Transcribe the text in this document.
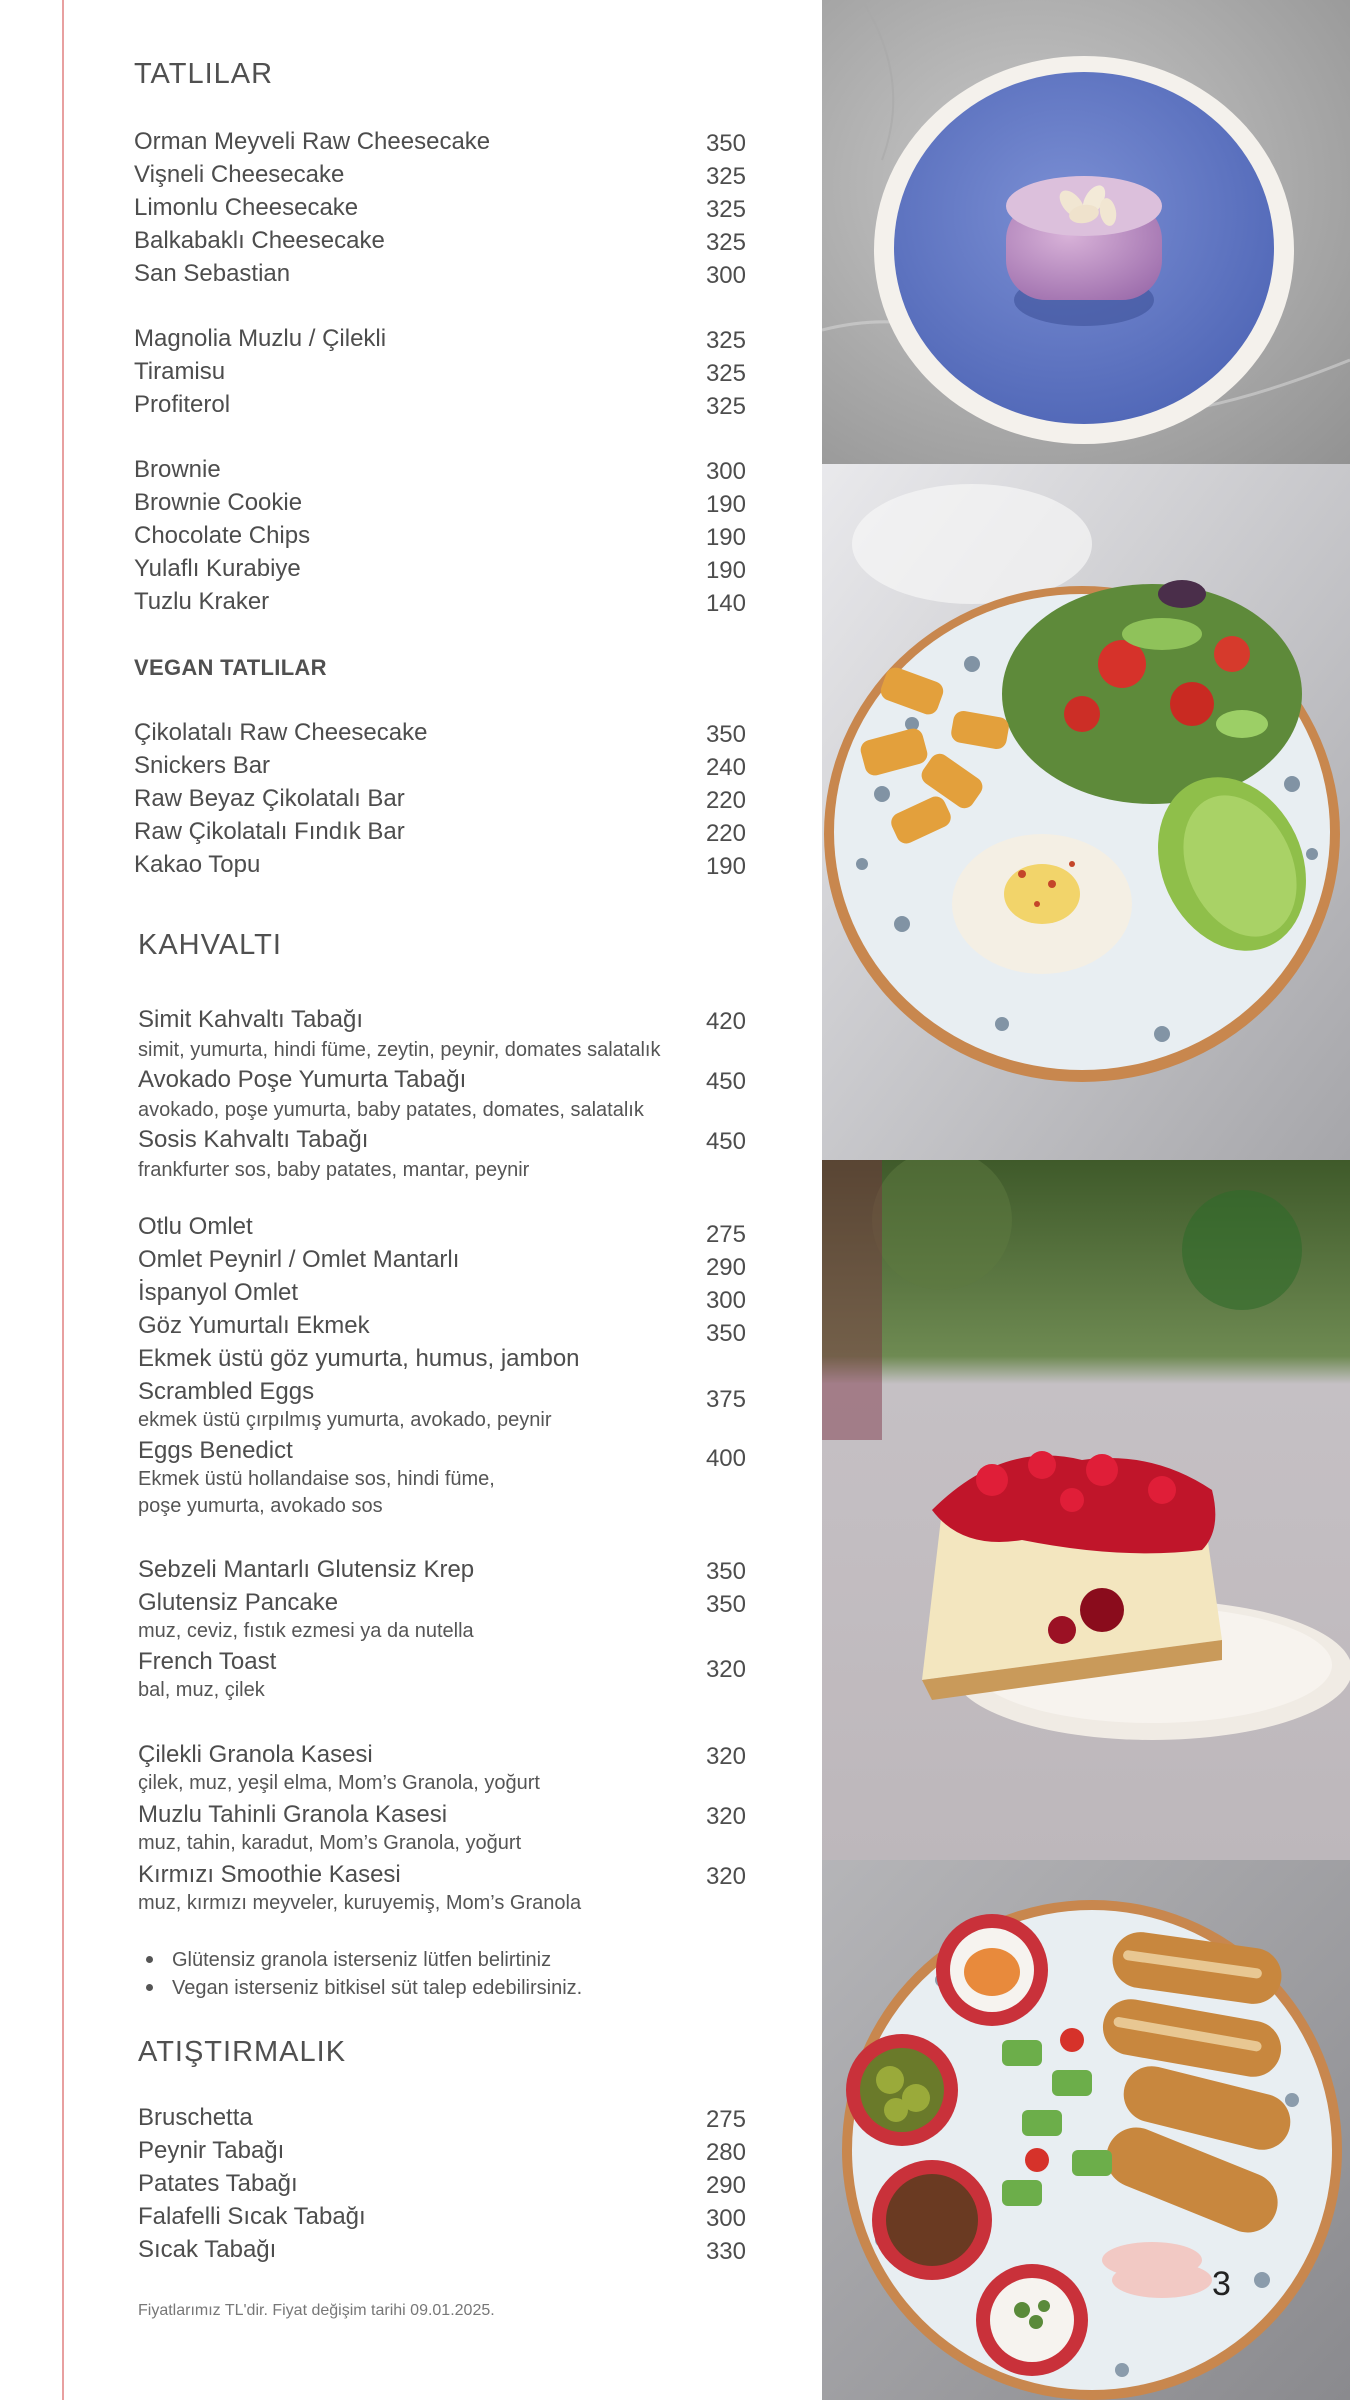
TATLILAR
Orman Meyveli Raw Cheesecake	350
Vişneli Cheesecake	325
Limonlu Cheesecake	325
Balkabaklı Cheesecake	325
San Sebastian	300
Magnolia Muzlu / Çilekli	325
Tiramisu	325
Profiterol	325
Brownie	300
Brownie Cookie	190
Chocolate Chips	190
Yulaflı Kurabiye	190
Tuzlu Kraker	140
VEGAN TATLILAR
Çikolatalı Raw Cheesecake	350
Snickers Bar	240
Raw Beyaz Çikolatalı Bar	220
Raw Çikolatalı Fındık Bar	220
Kakao Topu	190
KAHVALTI
Simit Kahvaltı Tabağı	420
simit, yumurta, hindi füme, zeytin, peynir, domates salatalık
Avokado Poşe Yumurta Tabağı	450
avokado, poşe yumurta, baby patates, domates, salatalık
Sosis Kahvaltı Tabağı	450
frankfurter sos, baby patates, mantar, peynir
Otlu Omlet	275
Omlet Peynirl / Omlet Mantarlı	290
İspanyol Omlet	300
Göz Yumurtalı Ekmek	350
Ekmek üstü göz yumurta, humus, jambon
Scrambled Eggs	375
ekmek üstü çırpılmış yumurta, avokado, peynir
Eggs Benedict	400
Ekmek üstü hollandaise sos, hindi füme,
poşe yumurta, avokado sos
Sebzeli Mantarlı Glutensiz Krep	350
Glutensiz Pancake	350
muz, ceviz, fıstık ezmesi ya da nutella
French Toast	320
bal, muz, çilek
Çilekli Granola Kasesi	320
çilek, muz, yeşil elma, Mom’s Granola, yoğurt
Muzlu Tahinli Granola Kasesi	320
muz, tahin, karadut, Mom’s Granola, yoğurt
Kırmızı Smoothie Kasesi	320
muz, kırmızı meyveler, kuruyemiş, Mom’s Granola
Glütensiz granola isterseniz lütfen belirtiniz
Vegan isterseniz bitkisel süt talep edebilirsiniz.
ATIŞTIRMALIK
Bruschetta	275
Peynir Tabağı	280
Patates Tabağı	290
Falafelli Sıcak Tabağı	300
Sıcak Tabağı	330
Fiyatlarımız TL'dir. Fiyat değişim tarihi 09.01.2025.
3
